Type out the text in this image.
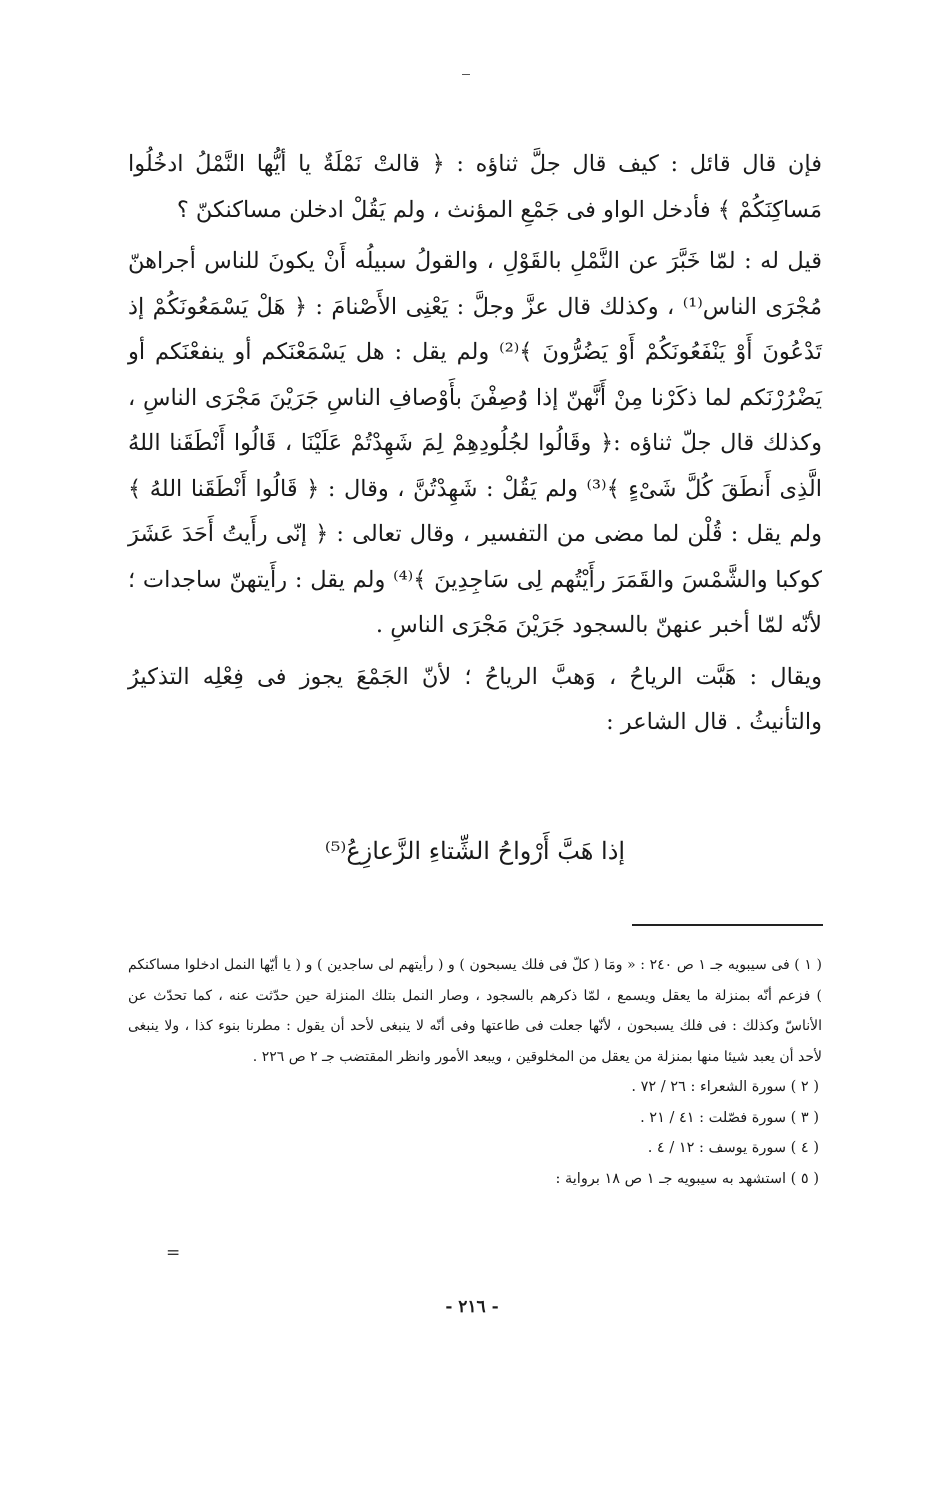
فإن قال قائل : كيف قال جلَّ ثناؤه : ﴿ قالتْ نَمْلَةٌ يا أيُّها النَّمْلُ ادخُلُوا مَساكِنَكُمْ ﴾ فأدخل الواو فى جَمْعِ المؤنث ، ولم يَقُلْ ادخلن مساكنكنّ ؟

قيل له : لمّا خَبَّرَ عن النَّمْلِ بالقَوْلِ ، والقولُ سبيلُه أَنْ يكونَ للناس أجراهنّ مُجْرَى الناس⁽¹⁾ ، وكذلك قال عزَّ وجلَّ : يَعْنِى الأَصْنامَ : ﴿ هَلْ يَسْمَعُونَكُمْ إذ تَدْعُونَ أَوْ يَنْفَعُونَكُمْ أَوْ يَضُرُّونَ ﴾⁽²⁾ ولم يقل : هل يَسْمَعْنَكم أو ينفعْنَكم أو يَضْرُرْنَكم لما ذكَرْنا مِنْ أَنَّهنّ إذا وُصِفْنَ بأَوْصافِ الناسِ جَرَيْنَ مَجْرَى الناسِ ، وكذلك قال جلّ ثناؤه :﴿ وقَالُوا لجُلُودِهِمْ لِمَ شَهِدْتُمْ عَلَيْنَا ، قَالُوا أَنْطَقَنا اللهُ الَّذِى أَنطَقَ كُلَّ شَىْءٍ ﴾⁽³⁾ ولم يَقُلْ : شَهِدْتُنَّ ، وقال : ﴿ قَالُوا أَنْطَقَنا اللهُ ﴾ ولم يقل : قُلْن لما مضى من التفسير ، وقال تعالى : ﴿ إنّى رأَيتُ أَحَدَ عَشَرَ كوكبا والشَّمْسَ والقَمَرَ رأَيْتُهم لِى سَاجِدِينَ ﴾⁽⁴⁾ ولم يقل : رأَيتهنّ ساجدات ؛ لأنّه لمّا أخبر عنهنّ بالسجود جَرَيْنَ مَجْرَى الناسِ .

ويقال : هَبَّت الرياحُ ، وَهبَّ الرياحُ ؛ لأنّ الجَمْعَ يجوز فى فِعْلِه التذكيرُ والتأنيثُ . قال الشاعر :

إذا هَبَّ أَرْواحُ الشِّتاءِ الزَّعازِعُ⁽⁵⁾

( ١ ) فى سيبويه جـ ١ ص ٢٤٠ : « ومَا ( كلّ فى فلك يسبحون ) و ( رأيتهم لى ساجدين ) و ( يا أيّها النمل ادخلوا مساكنكم ) فزعم أنّه بمنزلة ما يعقل ويسمع ، لمّا ذكرهم بالسجود ، وصار النمل بتلك المنزلة حين حدّثت عنه ، كما تحدّث عن الأناسّ وكذلك : فى فلك يسبحون ، لأنّها جعلت فى طاعتها وفى أنّه لا ينبغى لأحد أن يقول : مطرنا بنوء كذا ، ولا ينبغى لأحد أن يعبد شيئا منها بمنزلة من يعقل من المخلوقين ، ويبعد الأمور وانظر المقتضب جـ ٢ ص ٢٢٦ .

( ٢ ) سورة الشعراء : ٢٦ / ٧٢ .

( ٣ ) سورة فصّلت : ٤١ / ٢١ .

( ٤ ) سورة يوسف : ١٢ / ٤ .

( ٥ ) استشهد به سيبويه جـ ١ ص ١٨ برواية :

=
- ٢١٦ -
